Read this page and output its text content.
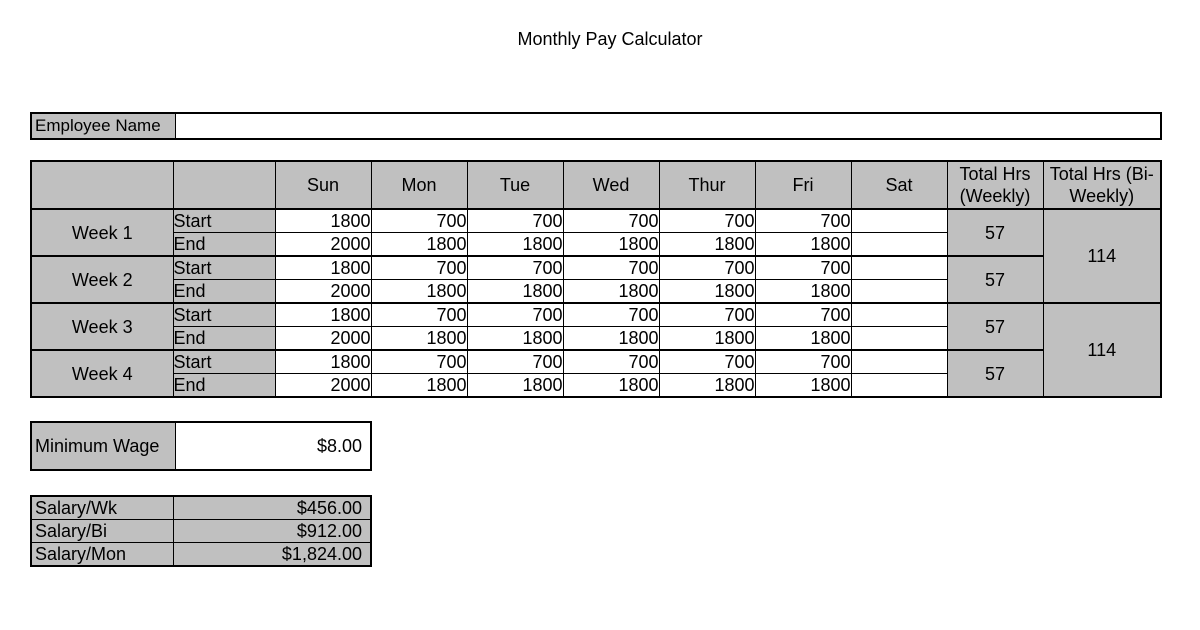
Monthly Pay Calculator
Employee Name
		Sun	Mon	Tue	Wed	Thur	Fri	Sat	Total Hrs (Weekly)	Total Hrs (Bi-Weekly)
Week 1	Start	1800	700	700	700	700	700		57	114
	End	2000	1800	1800	1800	1800	1800			
Week 2	Start	1800	700	700	700	700	700		57	
	End	2000	1800	1800	1800	1800	1800			
Week 3	Start	1800	700	700	700	700	700		57	114
	End	2000	1800	1800	1800	1800	1800			
Week 4	Start	1800	700	700	700	700	700		57	
	End	2000	1800	1800	1800	1800	1800			
Minimum Wage	$8.00
Salary/Wk	$456.00
Salary/Bi	$912.00
Salary/Mon	$1,824.00
